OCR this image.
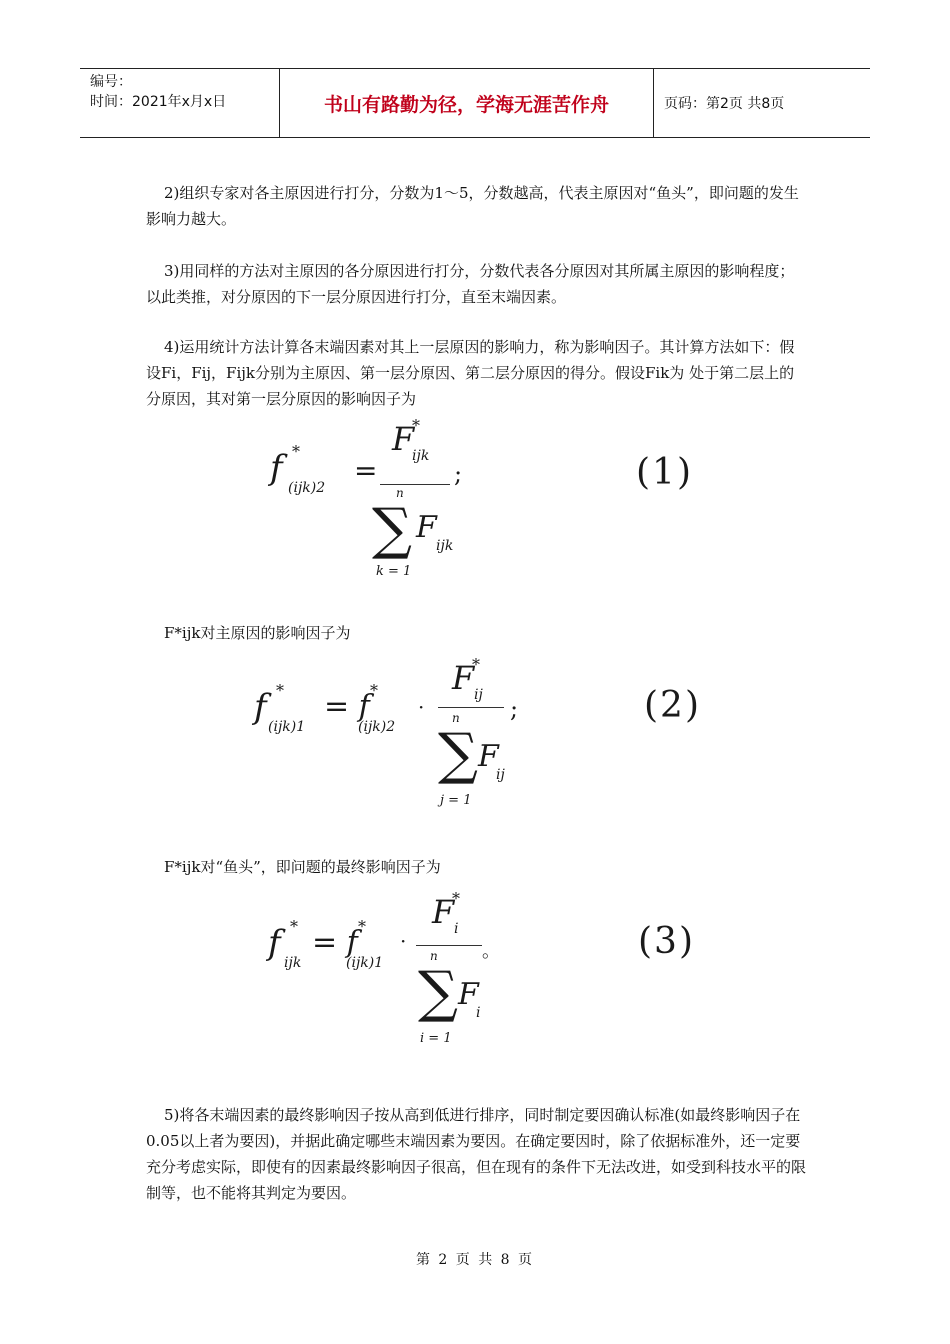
编号：
时间：2021年x月x日	书山有路勤为径，学海无涯苦作舟	页码：第2页 共8页

2)组织专家对各主原因进行打分，分数为1～5，分数越高，代表主原因对“鱼头”，即问题的发生影响力越大。

3)用同样的方法对主原因的各分原因进行打分，分数代表各分原因对其所属主原因的影响程度；以此类推，对分原因的下一层分原因进行打分，直至末端因素。

4)运用统计方法计算各末端因素对其上一层原因的影响力，称为影响因子。其计算方法如下：假设Fi，Fij，Fijk分别为主原因、第一层分原因、第二层分原因的得分。假设Fik为 处于第二层上的分原因，其对第一层分原因的影响因子为

f *
(ijk)2
=
F
*
ijk
n
∑ F
ijk
k = 1
;	(1)

F*ijk对主原因的影响因子为

f *
(ijk)1
= f *
(ijk)2
·
F
*
ij
n
∑ F
ij
j = 1
;	(2)

F*ijk对“鱼头”，即问题的最终影响因子为

f *
ijk
= f *
(ijk)1
·
F
*
i
n
∑ F
i
i = 1
。	(3)

5)将各末端因素的最终影响因子按从高到低进行排序，同时制定要因确认标准(如最终影响因子在0.05以上者为要因)，并据此确定哪些末端因素为要因。在确定要因时，除了依据标准外，还一定要充分考虑实际，即使有的因素最终影响因子很高，但在现有的条件下无法改进，如受到科技水平的限制等，也不能将其判定为要因。

第 2 页 共 8 页
